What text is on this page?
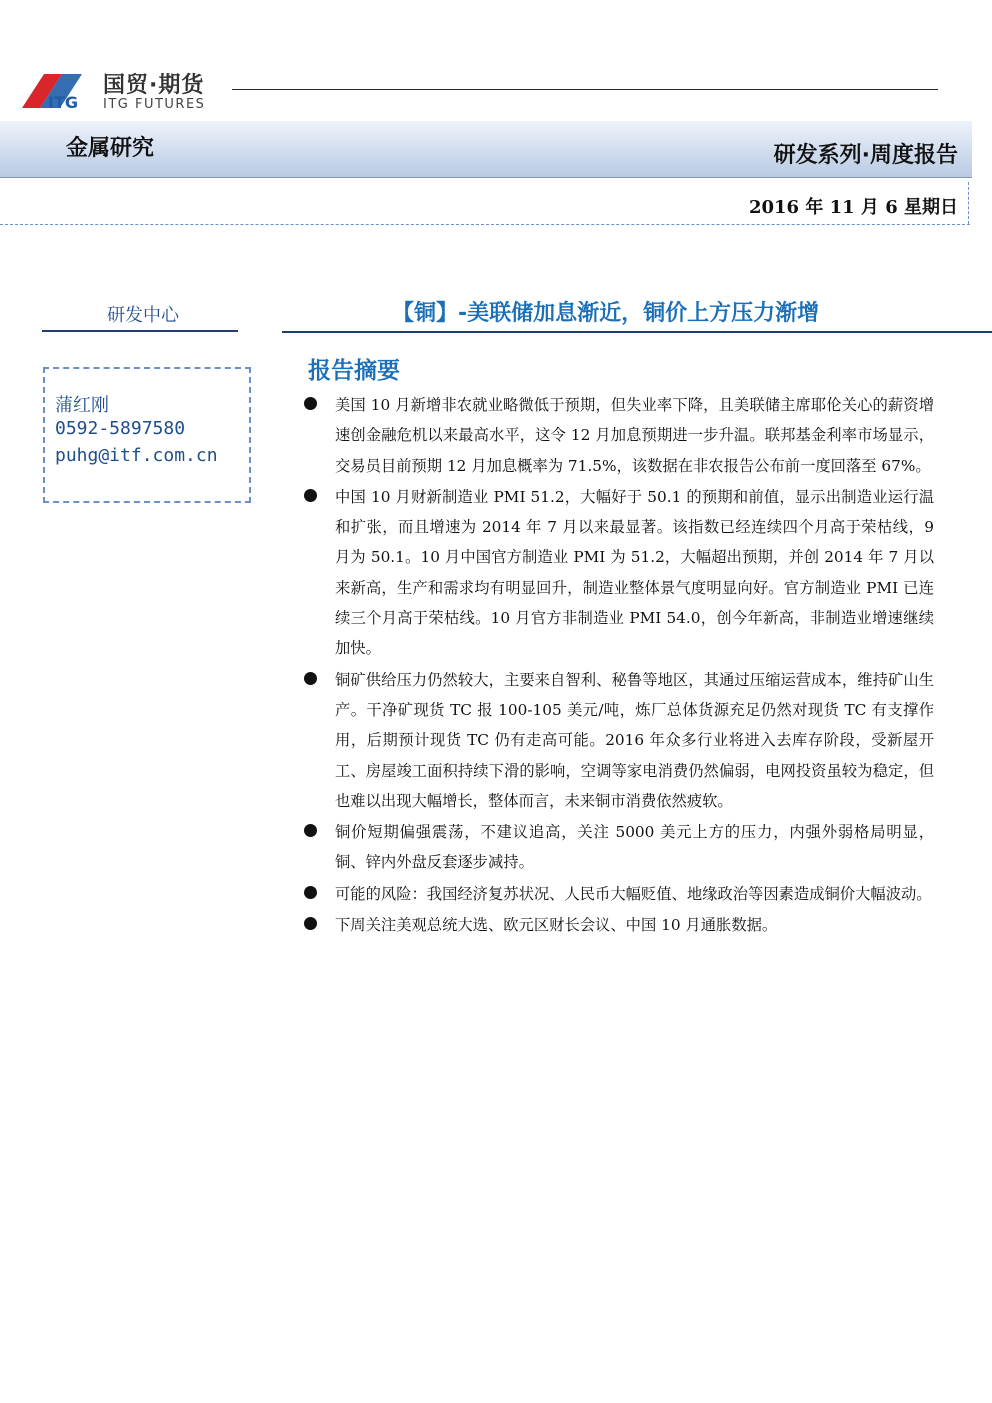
ITG
国贸·期货
ITG FUTURES
金属研究	研发系列·周度报告
2016 年 11 月 6 星期日
研发中心
蒲红刚
0592-5897580
puhg@itf.com.cn
【铜】-美联储加息渐近，铜价上方压力渐增
报告摘要
美国 10 月新增非农就业略微低于预期，但失业率下降，且美联储主席耶伦关心的薪资增速创金融危机以来最高水平，这令 12 月加息预期进一步升温。联邦基金利率市场显示，交易员目前预期 12 月加息概率为 71.5%，该数据在非农报告公布前一度回落至 67%。
中国 10 月财新制造业 PMI 51.2，大幅好于 50.1 的预期和前值，显示出制造业运行温和扩张，而且增速为 2014 年 7 月以来最显著。该指数已经连续四个月高于荣枯线，9 月为 50.1。10 月中国官方制造业 PMI 为 51.2，大幅超出预期，并创 2014 年 7 月以来新高，生产和需求均有明显回升，制造业整体景气度明显向好。官方制造业 PMI 已连续三个月高于荣枯线。10 月官方非制造业 PMI 54.0，创今年新高，非制造业增速继续加快。
铜矿供给压力仍然较大，主要来自智利、秘鲁等地区，其通过压缩运营成本，维持矿山生产。干净矿现货 TC 报 100-105 美元/吨，炼厂总体货源充足仍然对现货 TC 有支撑作用，后期预计现货 TC 仍有走高可能。2016 年众多行业将进入去库存阶段，受新屋开工、房屋竣工面积持续下滑的影响，空调等家电消费仍然偏弱，电网投资虽较为稳定，但也难以出现大幅增长，整体而言，未来铜市消费依然疲软。
铜价短期偏强震荡，不建议追高，关注 5000 美元上方的压力，内强外弱格局明显，铜、锌内外盘反套逐步减持。
可能的风险：我国经济复苏状况、人民币大幅贬值、地缘政治等因素造成铜价大幅波动。
下周关注美观总统大选、欧元区财长会议、中国 10 月通胀数据。
